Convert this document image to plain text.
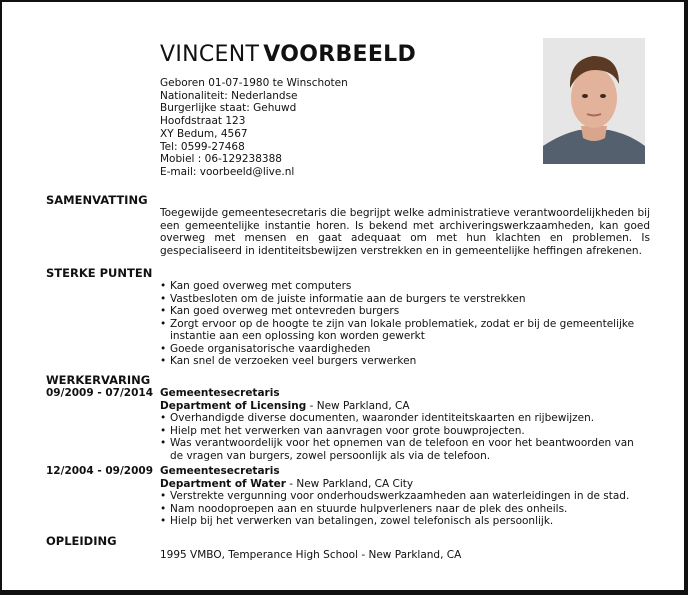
VINCENT VOORBEELD
Geboren 01-07-1980 te Winschoten
Nationaliteit: Nederlandse
Burgerlijke staat: Gehuwd
Hoofdstraat 123
XY Bedum, 4567
Tel: 0599-27468
Mobiel : 06-129238388
E-mail: voorbeeld@live.nl
SAMENVATTING
Toegewijde gemeentesecretaris die begrijpt welke administratieve verantwoordelijkheden bij een gemeentelijke instantie horen. Is bekend met archiveringswerkzaamheden, kan goed overweg met mensen en gaat adequaat om met hun klachten en problemen. Is gespecialiseerd in identiteitsbewijzen verstrekken en in gemeentelijke heffingen afrekenen.
STERKE PUNTEN
• Kan goed overweg met computers
• Vastbesloten om de juiste informatie aan de burgers te verstrekken
• Kan goed overweg met ontevreden burgers
• Zorgt ervoor op de hoogte te zijn van lokale problematiek, zodat er bij de gemeentelijke instantie aan een oplossing kon worden gewerkt
• Goede organisatorische vaardigheden
• Kan snel de verzoeken veel burgers verwerken
WERKERVARING
09/2009 - 07/2014 Gemeentesecretaris
Department of Licensing - New Parkland, CA
• Overhandigde diverse documenten, waaronder identiteitskaarten en rijbewijzen.
• Hielp met het verwerken van aanvragen voor grote bouwprojecten.
• Was verantwoordelijk voor het opnemen van de telefoon en voor het beantwoorden van de vragen van burgers, zowel persoonlijk als via de telefoon.
12/2004 - 09/2009 Gemeentesecretaris
Department of Water - New Parkland, CA City
• Verstrekte vergunning voor onderhoudswerkzaamheden aan waterleidingen in de stad.
• Nam noodoproepen aan en stuurde hulpverleners naar de plek des onheils.
• Hielp bij het verwerken van betalingen, zowel telefonisch als persoonlijk.
OPLEIDING
1995 VMBO, Temperance High School - New Parkland, CA
